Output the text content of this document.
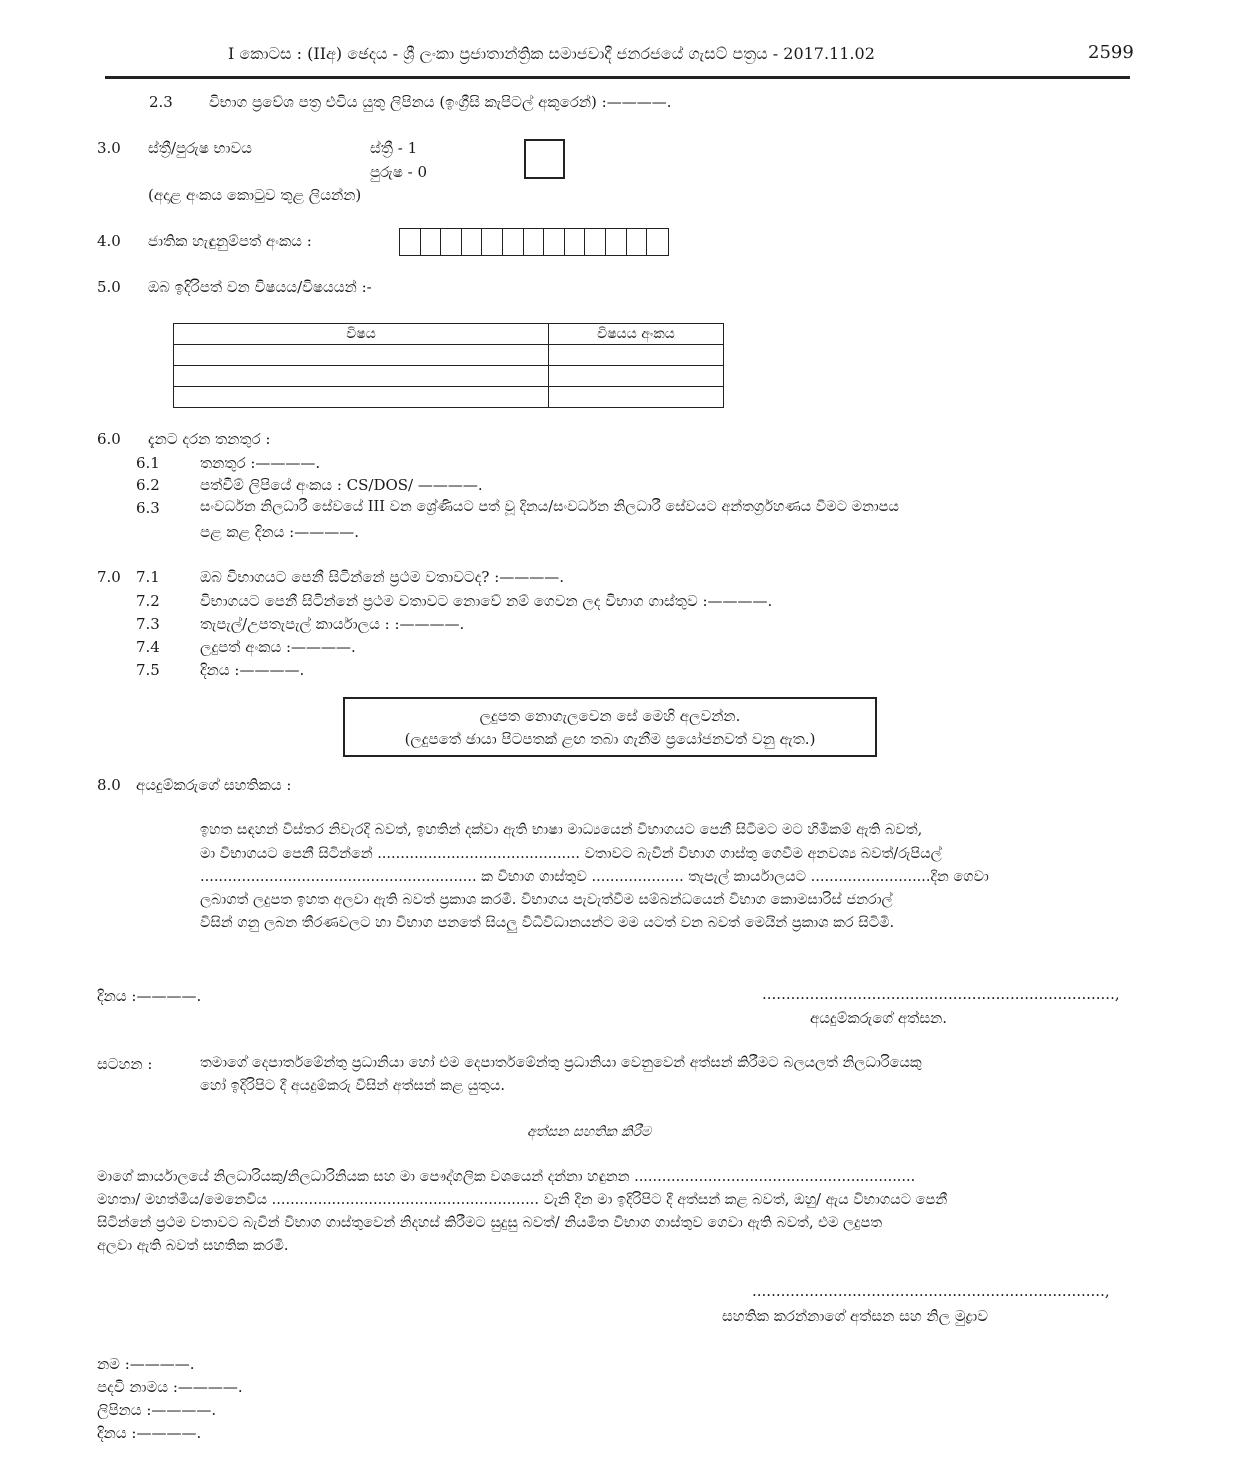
I කොටස : (IIඅ) ඡෙදය - ශ්‍රී ලංකා ප්‍රජාතාන්ත්‍රික සමාජවාදී ජනරජයේ ගැසට් පත්‍රය - 2017.11.02	2599
2.3 විභාග ප්‍රවේශ පත්‍ර එවිය යුතු ලිපිනය (ඉංග්‍රීසි කැපිටල් අකුරෙන්) :————.
3.0 ස්ත්‍රී/පුරුෂ භාවය	ස්ත්‍රී - 1
පුරුෂ - 0
(අදාළ අංකය කොටුව තුළ ලියන්න)
4.0 ජාතික හැඳුනුම්පත් අංකය :
5.0 ඔබ ඉදිරිපත් වන විෂයය/විෂයයන් :-
විෂය	විෂයය අංකය

6.0 දැනට දරන තනතුර :
6.1	තනතුර :————.
6.2	පත්වීම් ලිපියේ අංකය : CS/DOS/ ————.
6.3	සංවර්ධන නිලධාරී සේවයේ III වන ශ්‍රේණියට පත් වූ දිනය/සංවර්ධන නිලධාරී සේවයට අන්තර්ග්‍රහණය වීමට මනාපය
පළ කළ දිනය :————.
7.0 7.1	ඔබ විභාගයට පෙනී සිටින්නේ ප්‍රථම වතාවටද? :————.
7.2	විභාගයට පෙනී සිටින්නේ ප්‍රථම වතාවට නොවේ නම් ගෙවන ලද විභාග ගාස්තුව :————.
7.3	තැපැල්/උපතැපැල් කාර්යාලය : :————.
7.4	ලදුපත් අංකය :————.
7.5	දිනය :————.
ලදුපත නොගැලවෙන සේ මෙහි අලවන්න.
(ලදුපතේ ඡායා පිටපතක් ළඟ තබා ගැනීම ප්‍රයෝජනවත් වනු ඇත.)
8.0 අයදුම්කරුගේ සහතිකය :
ඉහත සඳහන් විස්තර නිවැරදි බවත්, ඉහතින් දක්වා ඇති භාෂා මාධ්‍යයෙන් විභාගයට පෙනී සිටීමට මට හිමිකම් ඇති බවත්,
මා විභාගයට පෙනී සිටින්නේ ............................................ වතාවට බැවින් විභාග ගාස්තු ගෙවීම අනවශ්‍ය බවත්/රුපියල්
............................................................ ක විභාග ගාස්තුව .................... තැපැල් කාර්යාලයට ..........................දින ගෙවා
ලබාගත් ලදුපත ඉහත අලවා ඇති බවත් ප්‍රකාශ කරමි. විභාගය පැවැත්වීම සම්බන්ධයෙන් විභාග කොමසාරිස් ජනරාල්
විසින් ගනු ලබන තීරණවලට හා විභාග පනතේ සියලු විධිවිධානයන්ට මම යටත් වන බවත් මෙයින් ප්‍රකාශ කර සිටිමි.
දිනය :————.	..........................................................................,
අයදුම්කරුගේ අත්සන.
සටහන :	තමාගේ දෙපාර්තමේන්තු ප්‍රධානියා හෝ එම දෙපාර්තමේන්තු ප්‍රධානියා වෙනුවෙන් අත්සන් කිරීමට බලයලත් නිලධාරියෙකු
හෝ ඉදිරිපිට දී අයදුම්කරු විසින් අත්සන් කළ යුතුය.
අත්සන සහතික කිරීම
මාගේ කාර්යාලයේ නිලධාරියකු/නිලධාරිනියක සහ මා පෞද්ගලික වශයෙන් දන්නා හඳුනන .............................................................
මහතා/ මහත්මිය/මෙනෙවිය .......................................................... වැනි දින මා ඉදිරිපිට දී අත්සන් කළ බවත්, ඔහු/ ඇය විභාගයට පෙනී
සිටින්නේ ප්‍රථම වතාවට බැවින් විභාග ගාස්තුවෙන් නිදහස් කිරීමට සුදුසු බවත්/ නියමිත විභාග ගාස්තුව ගෙවා ඇති බවත්, එම ලදුපත
අලවා ඇති බවත් සහතික කරමි.
..........................................................................,
සහතික කරන්නාගේ අත්සන සහ නිල මුද්‍රාව
නම :————.
පදවි නාමය :————.
ලිපිනය :————.
දිනය :————.
